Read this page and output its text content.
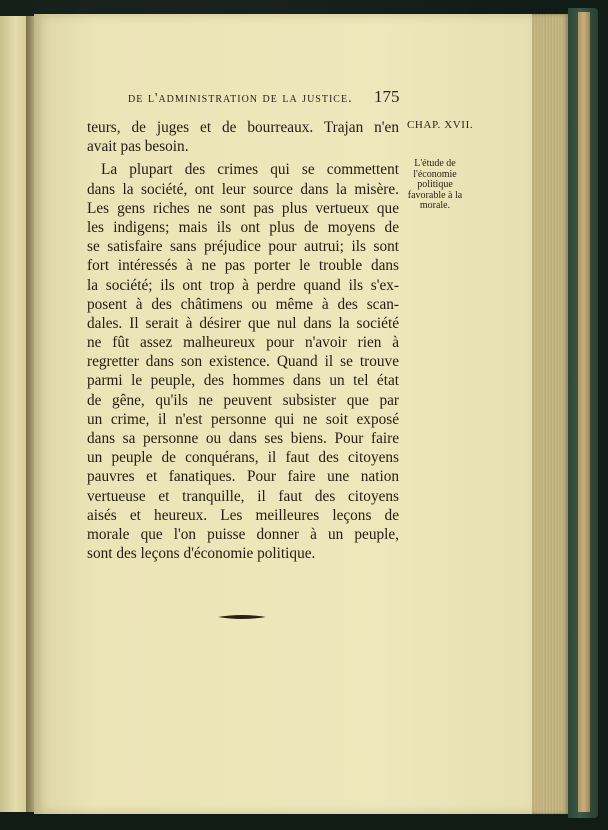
de l'administration de la justice. 175
CHAP. XVII.
L'étude de
l'économie
politique
favorable à la
morale.
teurs, de juges et de bourreaux. Trajan n'en
avait pas besoin.
La plupart des crimes qui se commettent
dans la société, ont leur source dans la misère.
Les gens riches ne sont pas plus vertueux que
les indigens; mais ils ont plus de moyens de
se satisfaire sans préjudice pour autrui; ils sont
fort intéressés à ne pas porter le trouble dans
la société; ils ont trop à perdre quand ils s'ex-
posent à des châtimens ou même à des scan-
dales. Il serait à désirer que nul dans la société
ne fût assez malheureux pour n'avoir rien à
regretter dans son existence. Quand il se trouve
parmi le peuple, des hommes dans un tel état
de gêne, qu'ils ne peuvent subsister que par
un crime, il n'est personne qui ne soit exposé
dans sa personne ou dans ses biens. Pour faire
un peuple de conquérans, il faut des citoyens
pauvres et fanatiques. Pour faire une nation
vertueuse et tranquille, il faut des citoyens
aisés et heureux. Les meilleures leçons de
morale que l'on puisse donner à un peuple,
sont des leçons d'économie politique.
